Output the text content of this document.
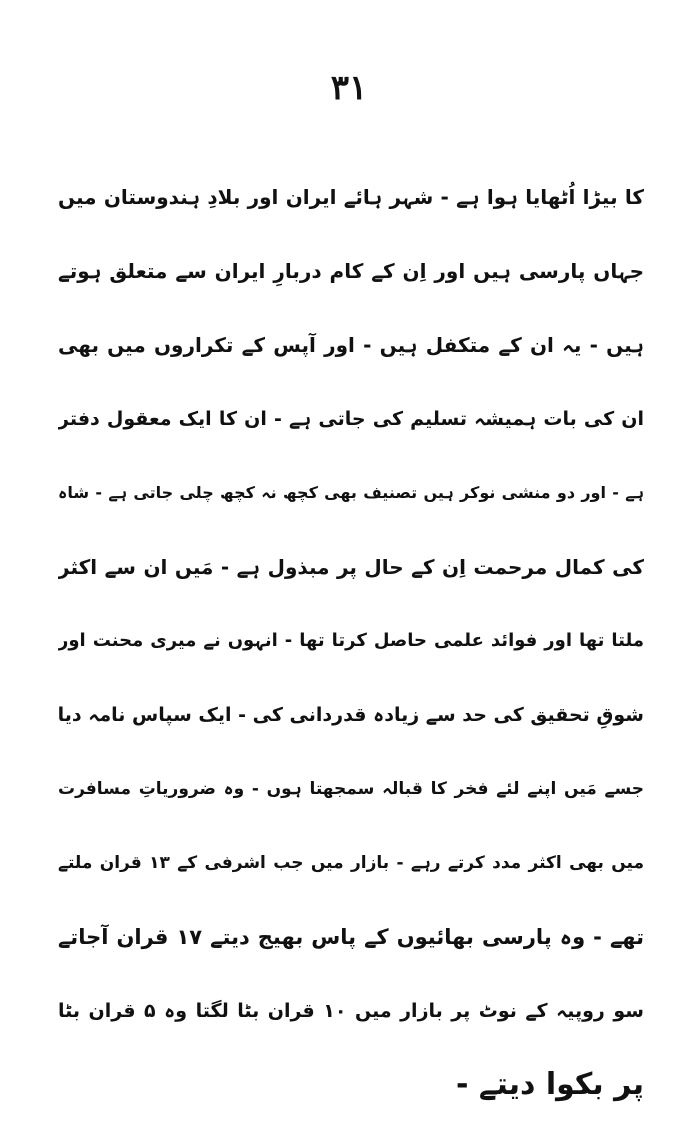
۳۱
کا بیڑا اُٹھایا ہوا ہے - شہر ہائے ایران اور بلادِ ہندوستان میں
جہاں پارسی ہیں اور اِن کے کام دربارِ ایران سے متعلق ہوتے
ہیں - یہ ان کے متکفل ہیں - اور آپس کے تکراروں میں بھی
ان کی بات ہمیشہ تسلیم کی جاتی ہے - ان کا ایک معقول دفتر
ہے - اور دو منشی نوکر ہیں تصنیف بھی کچھ نہ کچھ چلی جاتی ہے - شاہ
کی کمال مرحمت اِن کے حال پر مبذول ہے - مَیں ان سے اکثر
ملتا تھا اور فوائد علمی حاصل کرتا تھا - انہوں نے میری محنت اور
شوقِ تحقیق کی حد سے زیادہ قدردانی کی - ایک سپاس نامہ دیا
جسے مَیں اپنے لئے فخر کا قبالہ سمجھتا ہوں - وہ ضروریاتِ مسافرت
میں بھی اکثر مدد کرتے رہے - بازار میں جب اشرفی کے ۱۳ قران ملتے
تھے - وہ پارسی بھائیوں کے پاس بھیج دیتے ۱۷ قران آجاتے
سو روپیہ کے نوٹ پر بازار میں ۱۰ قران بٹا لگتا وہ ۵ قران بٹا
پر بکوا دیتے -
